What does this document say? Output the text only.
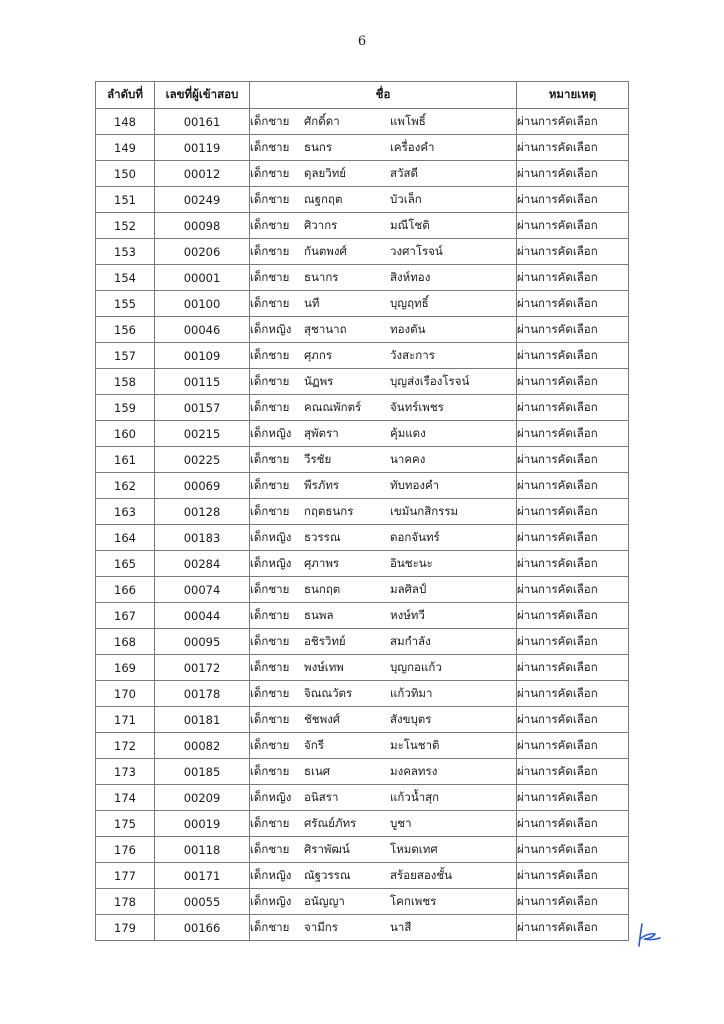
6
ลำดับที่	เลขที่ผู้เข้าสอบ	ชื่อ	หมายเหตุ
148	00161	เด็กชาย ศักดิ์ดา แพโพธิ์	ผ่านการคัดเลือก
149	00119	เด็กชาย ธนกร เครื่องคำ	ผ่านการคัดเลือก
150	00012	เด็กชาย ดุลยวิทย์ สวัสดี	ผ่านการคัดเลือก
151	00249	เด็กชาย ณฐกฤต บัวเล็ก	ผ่านการคัดเลือก
152	00098	เด็กชาย ศิวากร มณีโชติ	ผ่านการคัดเลือก
153	00206	เด็กชาย กันตพงศ์ วงศาโรจน์	ผ่านการคัดเลือก
154	00001	เด็กชาย ธนากร สิงห์ทอง	ผ่านการคัดเลือก
155	00100	เด็กชาย นที บุญฤทธิ์	ผ่านการคัดเลือก
156	00046	เด็กหญิง สุชานาถ ทองตัน	ผ่านการคัดเลือก
157	00109	เด็กชาย ศุภกร วังสะการ	ผ่านการคัดเลือก
158	00115	เด็กชาย นัฏพร บุญส่งเรืองโรจน์	ผ่านการคัดเลือก
159	00157	เด็กชาย คณณพักตร์ จันทร์เพชร	ผ่านการคัดเลือก
160	00215	เด็กหญิง สุพัตรา คุ้มแดง	ผ่านการคัดเลือก
161	00225	เด็กชาย วีรชัย นาคคง	ผ่านการคัดเลือก
162	00069	เด็กชาย พีรภัทร ทับทองคำ	ผ่านการคัดเลือก
163	00128	เด็กชาย กฤตธนกร เขมันกสิกรรม	ผ่านการคัดเลือก
164	00183	เด็กหญิง ธวรรณ ดอกจันทร์	ผ่านการคัดเลือก
165	00284	เด็กหญิง ศุภาพร อินชะนะ	ผ่านการคัดเลือก
166	00074	เด็กชาย ธนกฤต มลศิลป์	ผ่านการคัดเลือก
167	00044	เด็กชาย ธนพล หงษ์ทวี	ผ่านการคัดเลือก
168	00095	เด็กชาย อชิรวิทย์ สมกำลัง	ผ่านการคัดเลือก
169	00172	เด็กชาย พงษ์เทพ บุญกอแก้ว	ผ่านการคัดเลือก
170	00178	เด็กชาย จิณณวัตร แก้วทิมา	ผ่านการคัดเลือก
171	00181	เด็กชาย ชัชพงศ์ สังขบุตร	ผ่านการคัดเลือก
172	00082	เด็กชาย จักรี มะโนชาติ	ผ่านการคัดเลือก
173	00185	เด็กชาย ธเนศ มงคลทรง	ผ่านการคัดเลือก
174	00209	เด็กหญิง อนิสรา แก้วน้ำสุก	ผ่านการคัดเลือก
175	00019	เด็กชาย ศรัณย์ภัทร บูชา	ผ่านการคัดเลือก
176	00118	เด็กชาย ศิราพัฒน์ โหมดเทศ	ผ่านการคัดเลือก
177	00171	เด็กหญิง ณัฐวรรณ สร้อยสองชั้น	ผ่านการคัดเลือก
178	00055	เด็กหญิง อนัญญา โคกเพชร	ผ่านการคัดเลือก
179	00166	เด็กชาย จามีกร นาสี	ผ่านการคัดเลือก
